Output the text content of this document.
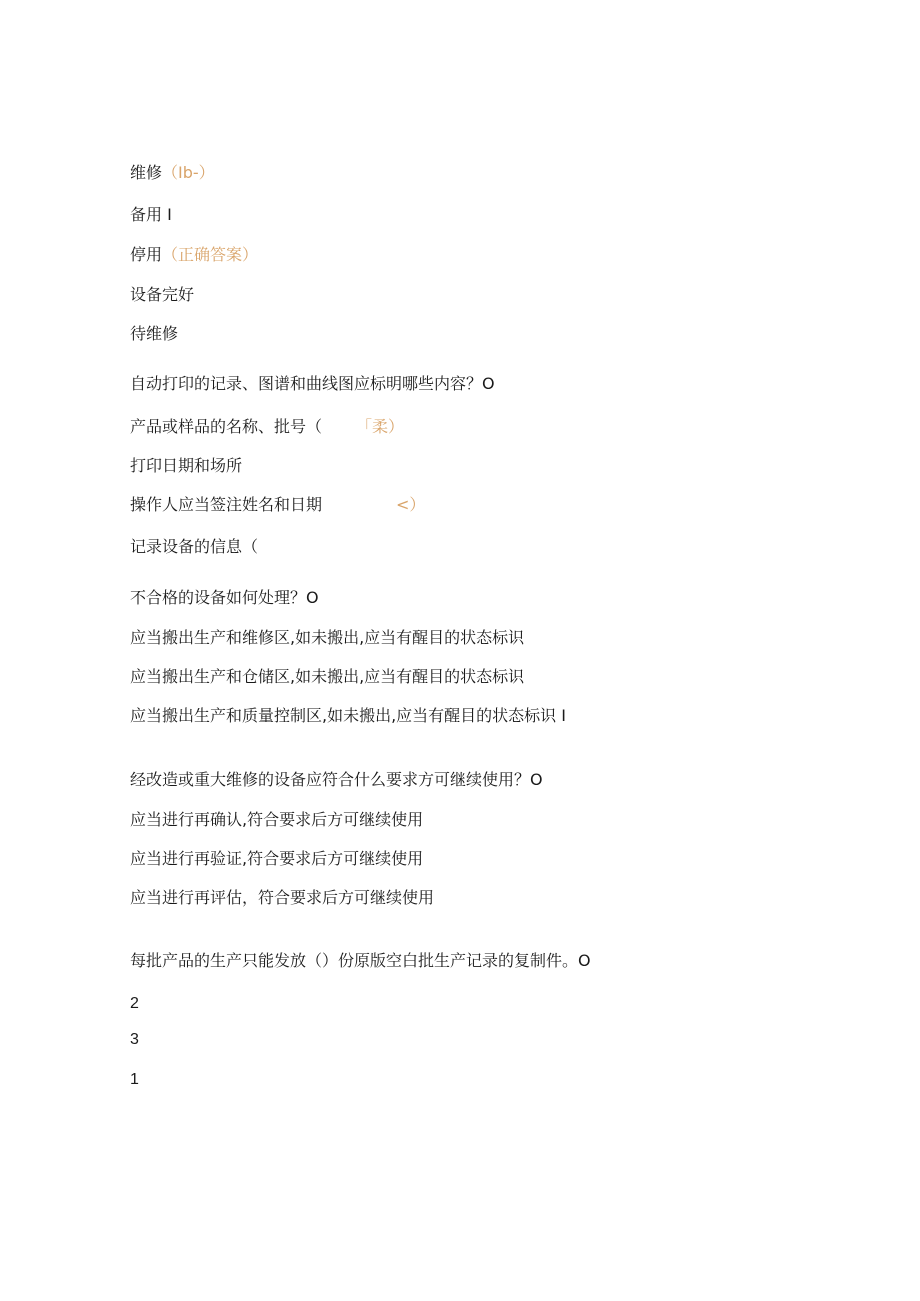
维修（Ib-）
备用 I
停用（正确答案）
设备完好
待维修
自动打印的记录、图谱和曲线图应标明哪些内容？O
产品或样品的名称、批号（ 「柔）
打印日期和场所
操作人应当签注姓名和日期	<）
记录设备的信息（
不合格的设备如何处理？O
应当搬出生产和维修区,如未搬出,应当有醒目的状态标识
应当搬出生产和仓储区,如未搬出,应当有醒目的状态标识
应当搬出生产和质量控制区,如未搬出,应当有醒目的状态标识 I
经改造或重大维修的设备应符合什么要求方可继续使用？O
应当进行再确认,符合要求后方可继续使用
应当进行再验证,符合要求后方可继续使用
应当进行再评估，符合要求后方可继续使用
每批产品的生产只能发放（）份原版空白批生产记录的复制件。O
2
3
1
